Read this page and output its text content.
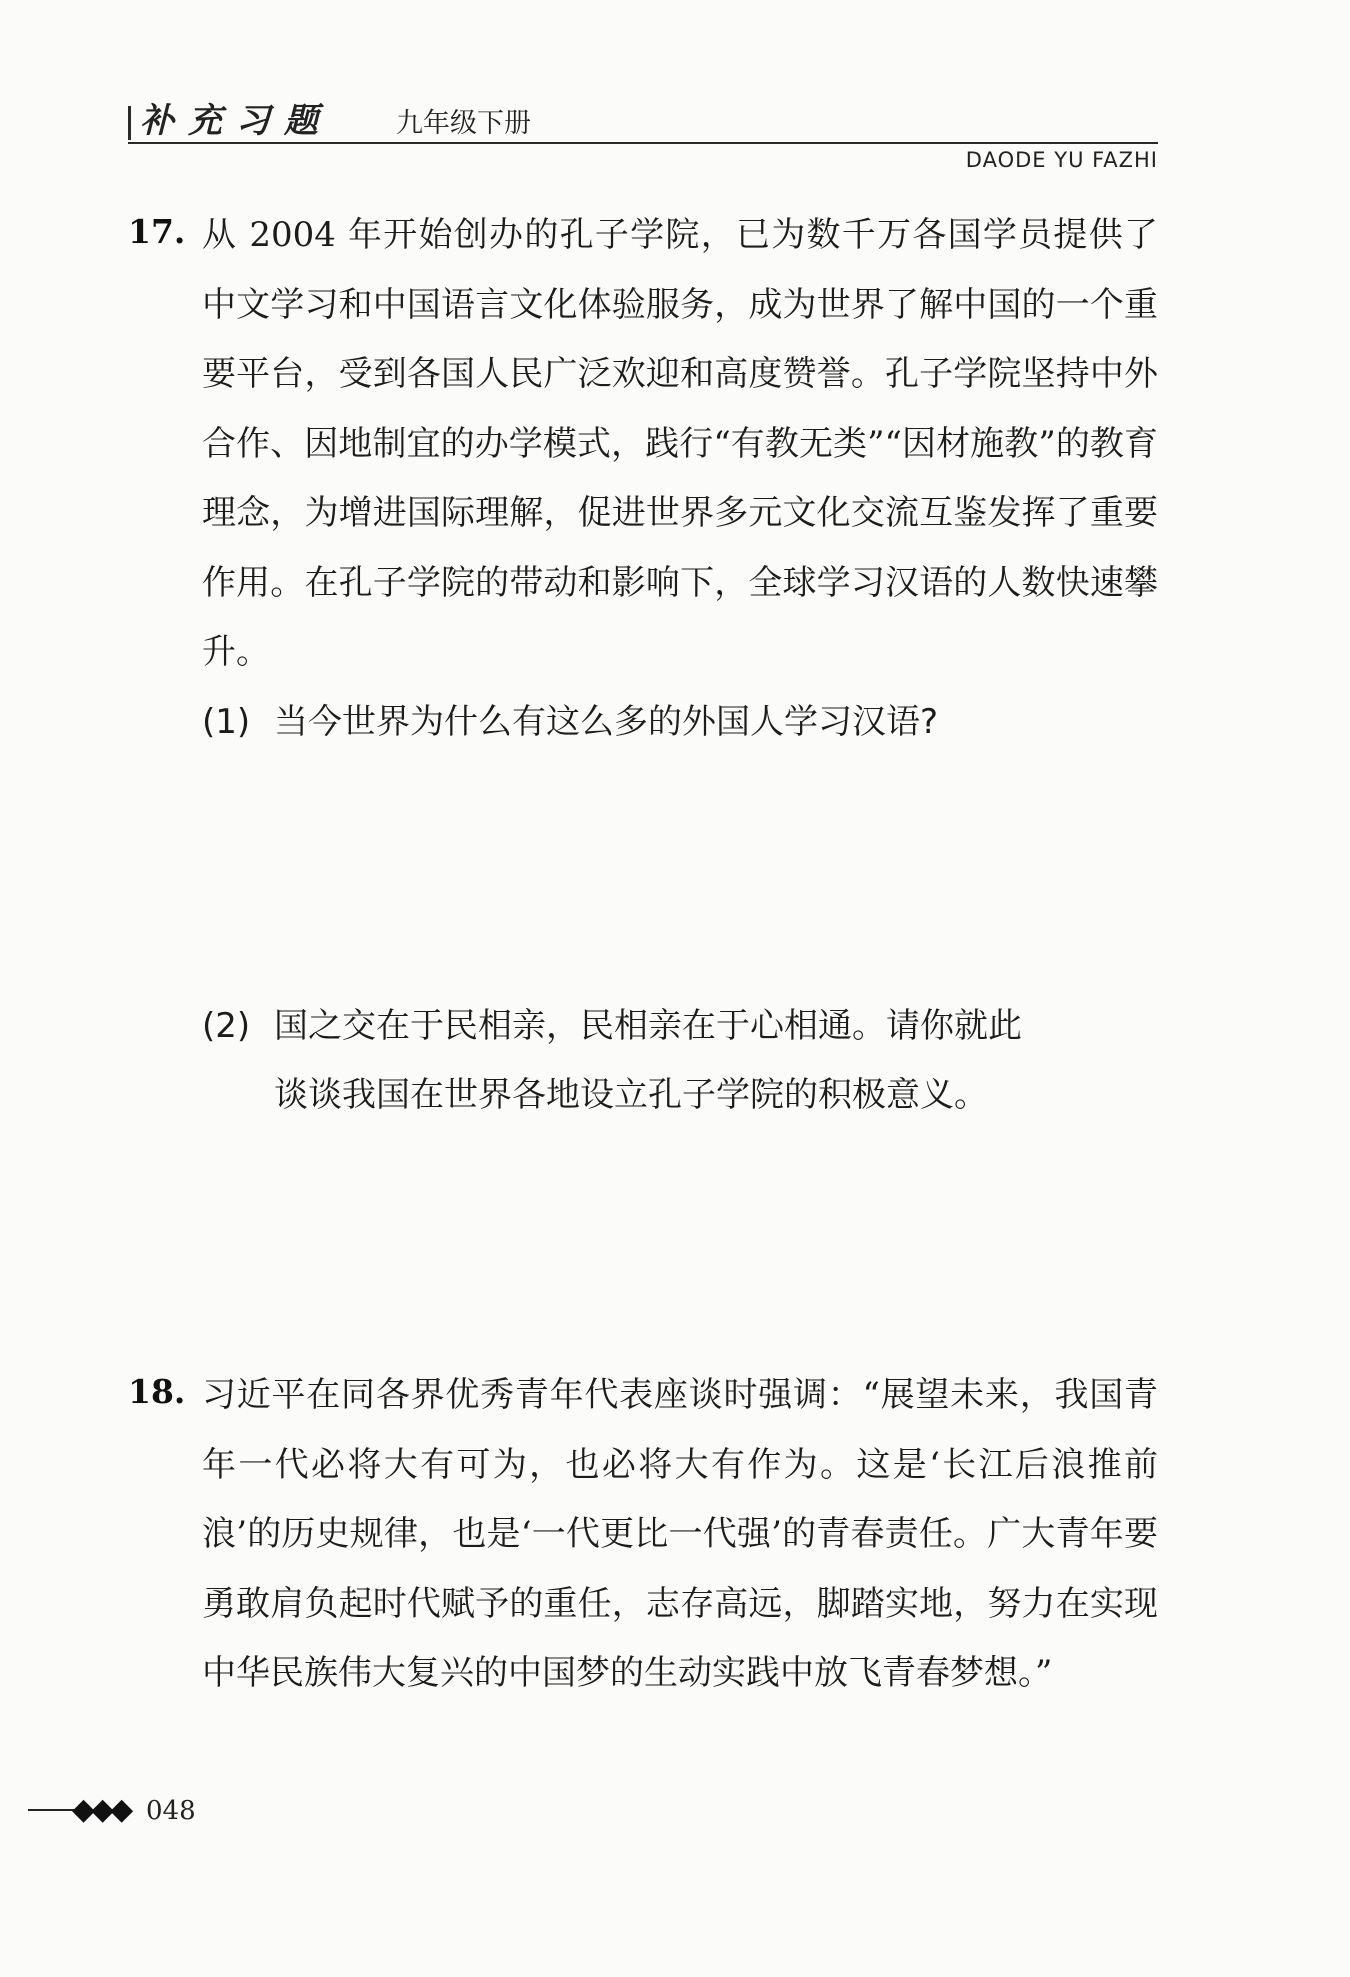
补充习题 九年级下册
DAODE YU FAZHI
17. 从 2004 年开始创办的孔子学院，已为数千万各国学员提供了中文学习和中国语言文化体验服务，成为世界了解中国的一个重要平台，受到各国人民广泛欢迎和高度赞誉。孔子学院坚持中外合作、因地制宜的办学模式，践行“有教无类”“因材施教”的教育理念，为增进国际理解，促进世界多元文化交流互鉴发挥了重要作用。在孔子学院的带动和影响下，全球学习汉语的人数快速攀升。
(1) 当今世界为什么有这么多的外国人学习汉语?
(2) 国之交在于民相亲，民相亲在于心相通。请你就此
谈谈我国在世界各地设立孔子学院的积极意义。
18. 习近平在同各界优秀青年代表座谈时强调：“展望未来，我国青年一代必将大有可为，也必将大有作为。这是‘长江后浪推前浪’的历史规律，也是‘一代更比一代强’的青春责任。广大青年要勇敢肩负起时代赋予的重任，志存高远，脚踏实地，努力在实现中华民族伟大复兴的中国梦的生动实践中放飞青春梦想。”
◆◆◆ 048
